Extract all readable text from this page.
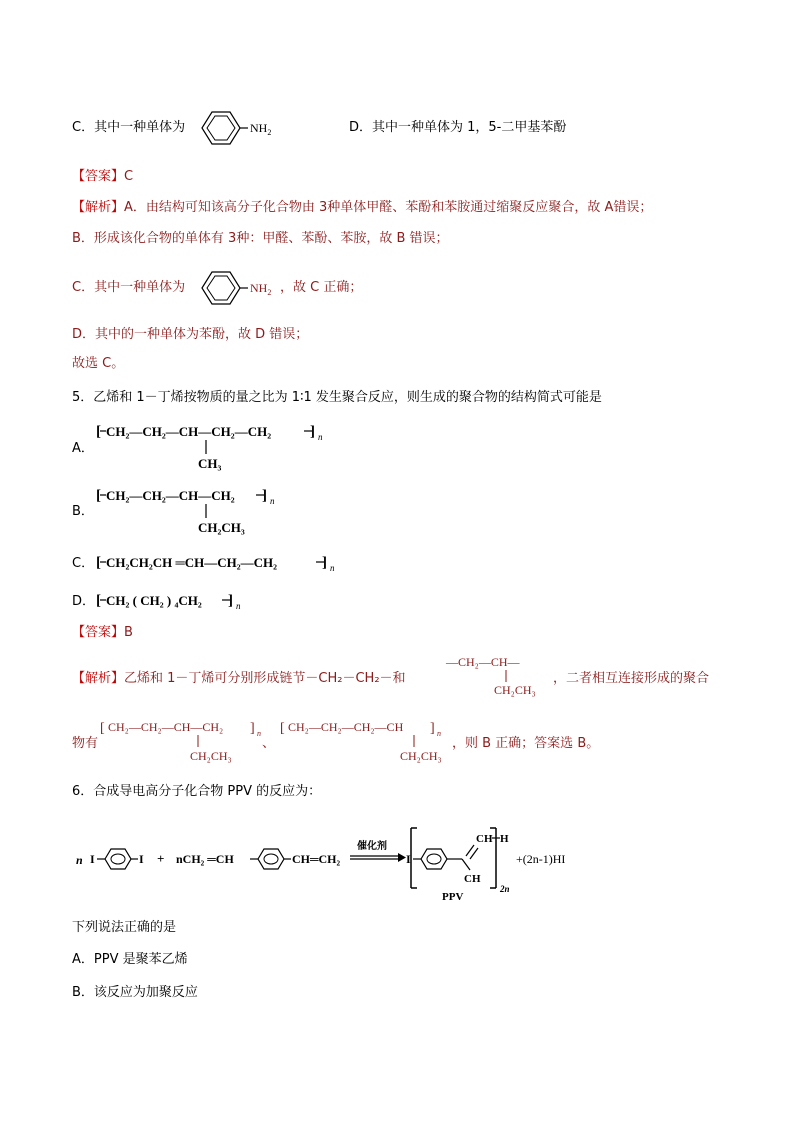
C．其中一种单体为	$NH_2$	D．其中一种单体为 1，5-二甲基苯酚
【答案】C
【解析】A．由结构可知该高分子化合物由 3种单体甲醛、苯酚和苯胺通过缩聚反应聚合，故 A错误；
B．形成该化合物的单体有 3种：甲醛、苯酚、苯胺，故 B 错误；
C．其中一种单体为	$NH_2$ ，故 C 正确；
D．其中的一种单体为苯酚，故 D 错误；
故选 C。
5．乙烯和 1－丁烯按物质的量之比为 1∶1 发生聚合反应，则生成的聚合物的结构简式可能是
A．
[ CH₂—CH₂—CH—CH₂—CH₂	] n
CH₃
B．
[ CH₂—CH₂—CH—CH₂ ] n
CH₂CH₃
C． [ CH₂CH₂CH ═CH—CH₂—CH₂	] n
D． [ CH₂ ( CH₂ ) ₄CH₂ ] n
【答案】B
【解析】乙烯和 1－丁烯可分别形成链节－CH₂－CH₂－和
—CH₂—CH—
CH₂CH₃
，二者相互连接形成的聚合
物有
[ CH₂—CH₂—CH—CH₂ ] n
CH₂CH₃
、
[ CH₂—CH₂—CH₂—CH ] n
CH₂CH₃
，则 B 正确；答案选 B。
6．合成导电高分子化合物 PPV 的反应为：
n I	I + nCH₂ ═CH	CH═CH₂
催化剂
I
CH
CH H
2n
+(2n-1)HI
PPV
下列说法正确的是
A．PPV 是聚苯乙烯
B．该反应为加聚反应
